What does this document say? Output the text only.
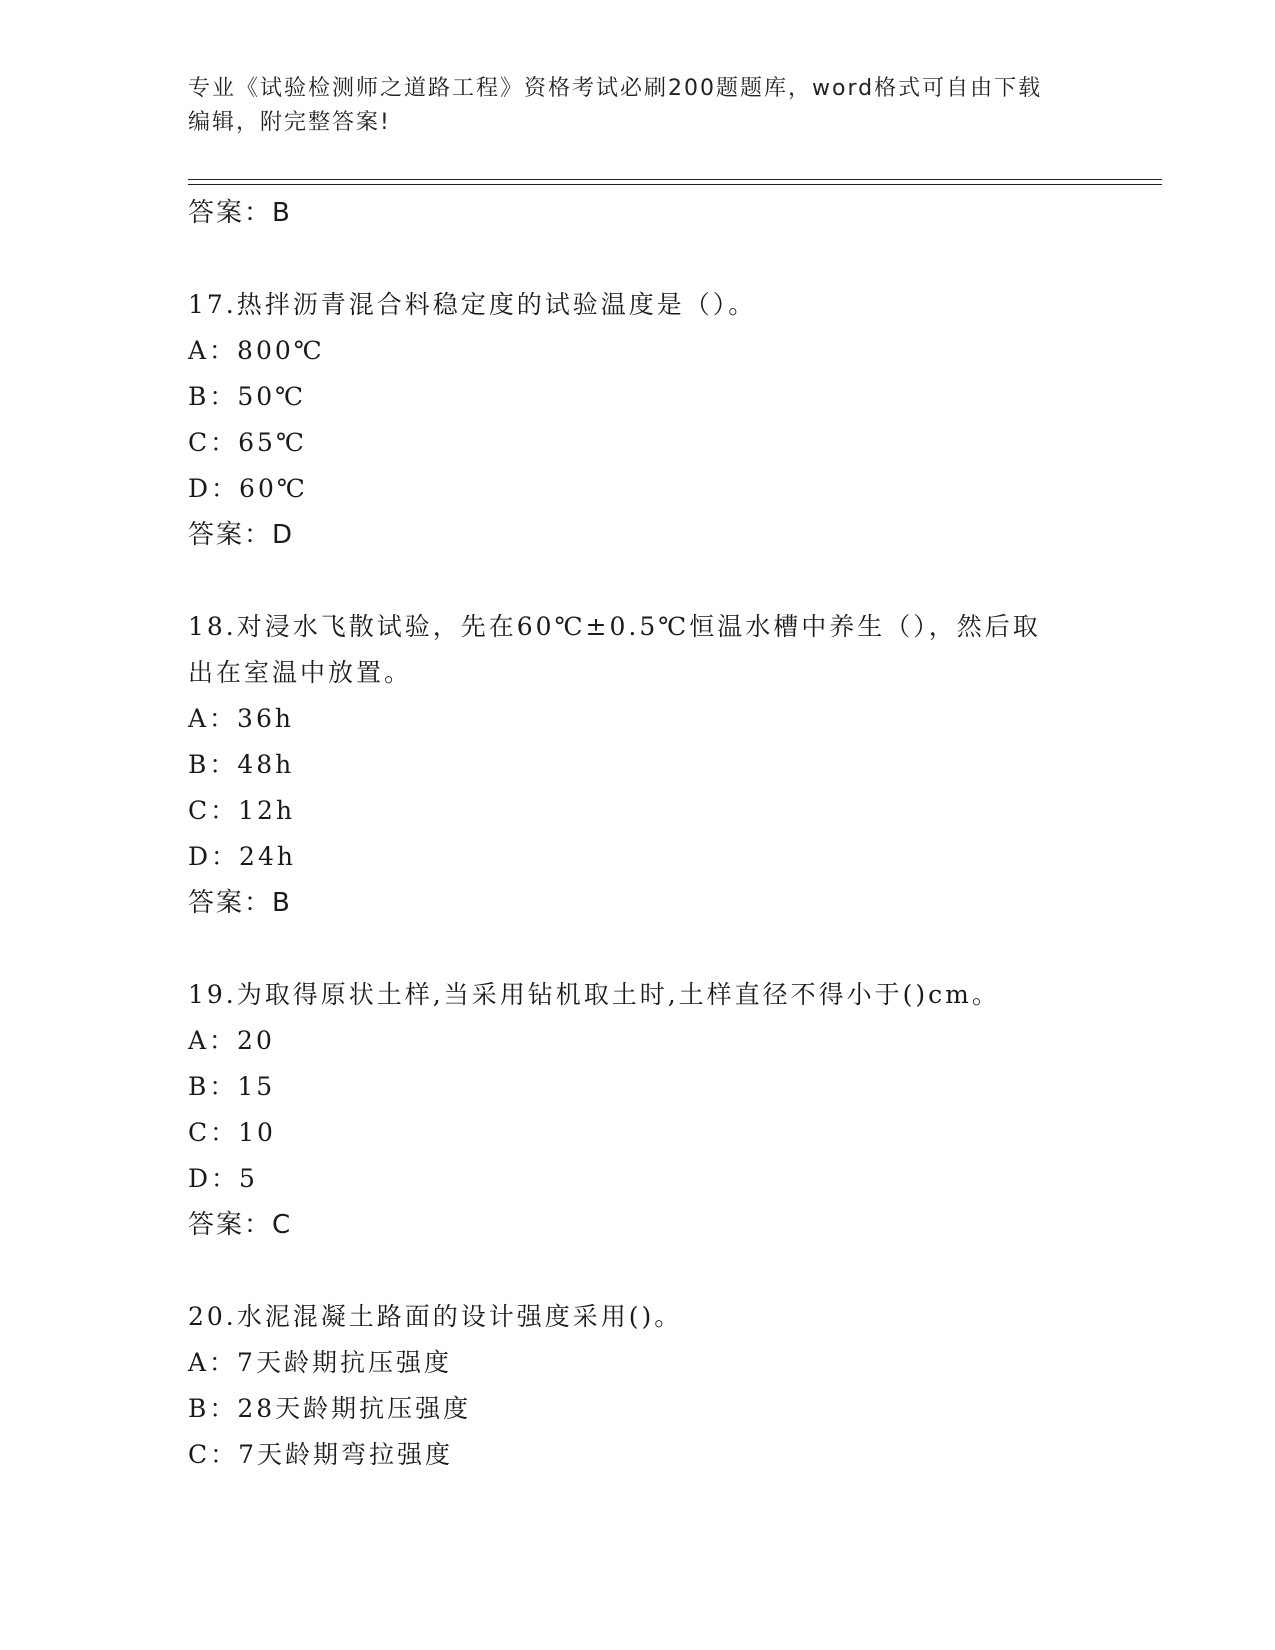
专业《试验检测师之道路工程》资格考试必刷200题题库，word格式可自由下载
编辑，附完整答案!
答案：B
17.热拌沥青混合料稳定度的试验温度是（）。
A：800℃
B：50℃
C：65℃
D：60℃
答案：D
18.对浸水飞散试验，先在60℃±0.5℃恒温水槽中养生（），然后取
出在室温中放置。
A：36h
B：48h
C：12h
D：24h
答案：B
19.为取得原状土样,当采用钻机取土时,土样直径不得小于()cm。
A：20
B：15
C：10
D：5
答案：C
20.水泥混凝土路面的设计强度采用()。
A：7天龄期抗压强度
B：28天龄期抗压强度
C：7天龄期弯拉强度
